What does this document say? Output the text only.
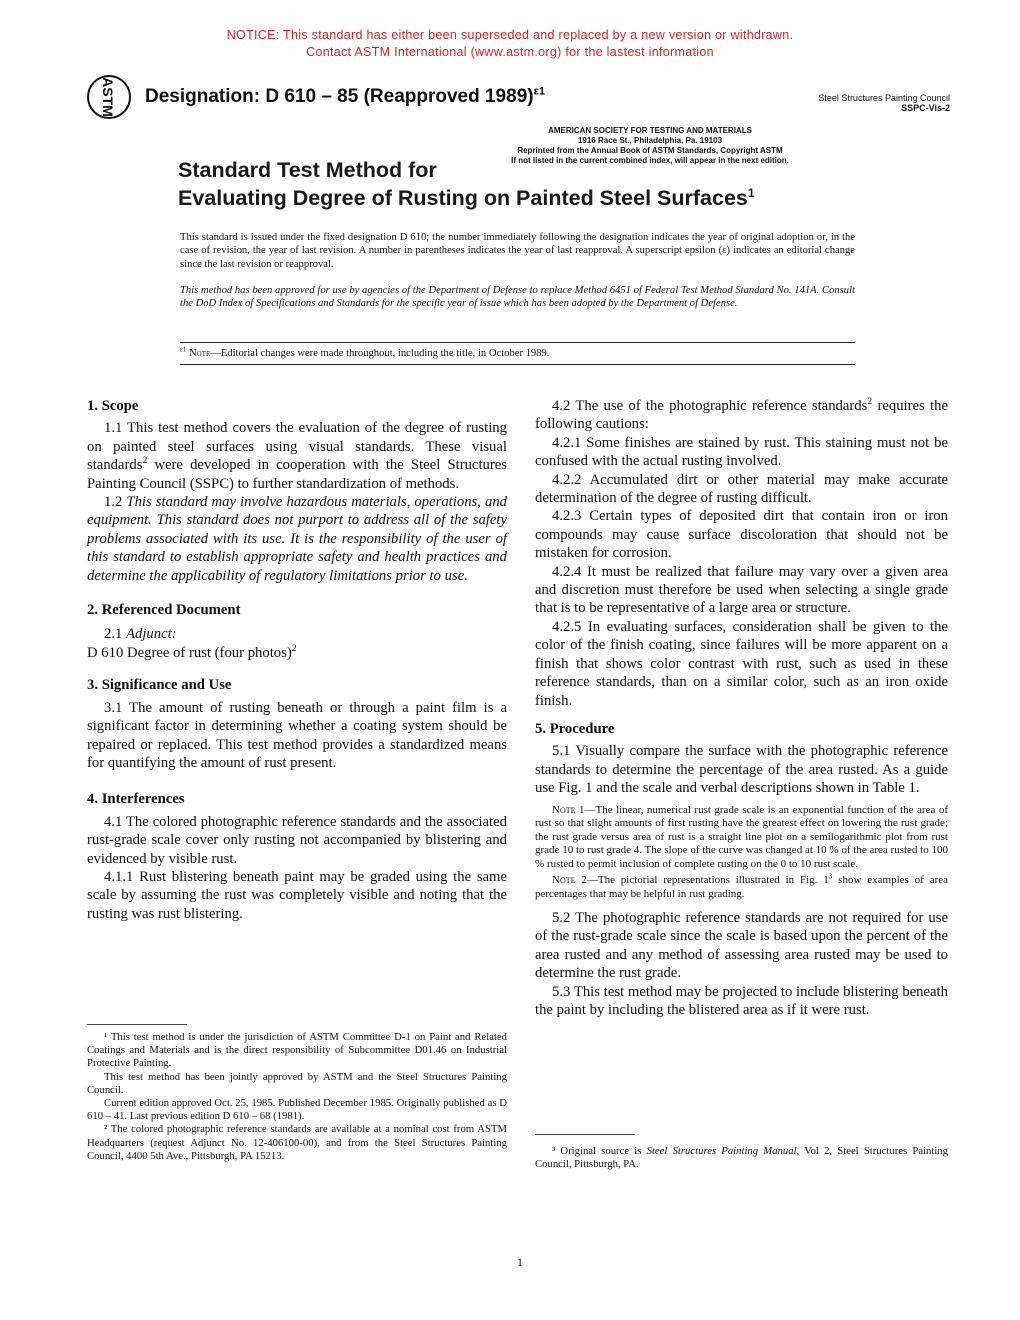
NOTICE: This standard has either been superseded and replaced by a new version or withdrawn.
Contact ASTM International (www.astm.org) for the lastest information
ASTM Designation: D 610 – 85 (Reapproved 1989)$^{\varepsilon 1}$
Steel Structures Painting Council
SSPC-Vis-2
AMERICAN SOCIETY FOR TESTING AND MATERIALS
1916 Race St., Philadelphia, Pa. 19103
Reprinted from the Annual Book of ASTM Standards, Copyright ASTM
If not listed in the current combined index, will appear in the next edition.
Standard Test Method for
Evaluating Degree of Rusting on Painted Steel Surfaces$^1$
This standard is issued under the fixed designation D 610; the number immediately following the designation indicates the year of original adoption or, in the case of revision, the year of last revision. A number in parentheses indicates the year of last reapproval. A superscript epsilon (ε) indicates an editorial change since the last revision or reapproval.
This method has been approved for use by agencies of the Department of Defense to replace Method 6451 of Federal Test Method Standard No. 141A. Consult the DoD Index of Specifications and Standards for the specific year of issue which has been adopted by the Department of Defense.
$^{\varepsilon 1}$ Note—Editorial changes were made throughout, including the title, in October 1989.

1. Scope

1.1 This test method covers the evaluation of the degree of rusting on painted steel surfaces using visual standards. These visual standards$^2$ were developed in cooperation with the Steel Structures Painting Council (SSPC) to further standardization of methods.

1.2 This standard may involve hazardous materials, operations, and equipment. This standard does not purport to address all of the safety problems associated with its use. It is the responsibility of the user of this standard to establish appropriate safety and health practices and determine the applicability of regulatory limitations prior to use.

2. Referenced Document

2.1 Adjunct:

D 610 Degree of rust (four photos)$^2$

3. Significance and Use

3.1 The amount of rusting beneath or through a paint film is a significant factor in determining whether a coating system should be repaired or replaced. This test method provides a standardized means for quantifying the amount of rust present.

4. Interferences

4.1 The colored photographic reference standards and the associated rust-grade scale cover only rusting not accompanied by blistering and evidenced by visible rust.

4.1.1 Rust blistering beneath paint may be graded using the same scale by assuming the rust was completely visible and noting that the rusting was rust blistering.

¹ This test method is under the jurisdiction of ASTM Committee D-1 on Paint and Related Coatings and Materials and is the direct responsibility of Subcommittee D01.46 on Industrial Protective Painting.

This test method has been jointly approved by ASTM and the Steel Structures Painting Council.

Current edition approved Oct. 25, 1985. Published December 1985. Originally published as D 610 – 41. Last previous edition D 610 – 68 (1981).

² The colored photographic reference standards are available at a nominal cost from ASTM Headquarters (request Adjunct No. 12-406100-00), and from the Steel Structures Painting Council, 4400 5th Ave., Pittsburgh, PA 15213.

4.2 The use of the photographic reference standards$^2$ requires the following cautions:

4.2.1 Some finishes are stained by rust. This staining must not be confused with the actual rusting involved.

4.2.2 Accumulated dirt or other material may make accurate determination of the degree of rusting difficult.

4.2.3 Certain types of deposited dirt that contain iron or iron compounds may cause surface discoloration that should not be mistaken for corrosion.

4.2.4 It must be realized that failure may vary over a given area and discretion must therefore be used when selecting a single grade that is to be representative of a large area or structure.

4.2.5 In evaluating surfaces, consideration shall be given to the color of the finish coating, since failures will be more apparent on a finish that shows color contrast with rust, such as used in these reference standards, than on a similar color, such as an iron oxide finish.

5. Procedure

5.1 Visually compare the surface with the photographic reference standards to determine the percentage of the area rusted. As a guide use Fig. 1 and the scale and verbal descriptions shown in Table 1.

Note 1—The linear, numerical rust grade scale is an exponential function of the area of rust so that slight amounts of first rusting have the greatest effect on lowering the rust grade; the rust grade versus area of rust is a straight line plot on a semilogarithmic plot from rust grade 10 to rust grade 4. The slope of the curve was changed at 10 % of the area rusted to 100 % rusted to permit inclusion of complete rusting on the 0 to 10 rust scale.

Note 2—The pictorial representations illustrated in Fig. $1^3$ show examples of area percentages that may be helpful in rust grading.

5.2 The photographic reference standards are not required for use of the rust-grade scale since the scale is based upon the percent of the area rusted and any method of assessing area rusted may be used to determine the rust grade.

5.3 This test method may be projected to include blistering beneath the paint by including the blistered area as if it were rust.

³ Original source is Steel Structures Painting Manual, Vol 2, Steel Structures Painting Council, Pittsburgh, PA.

1
